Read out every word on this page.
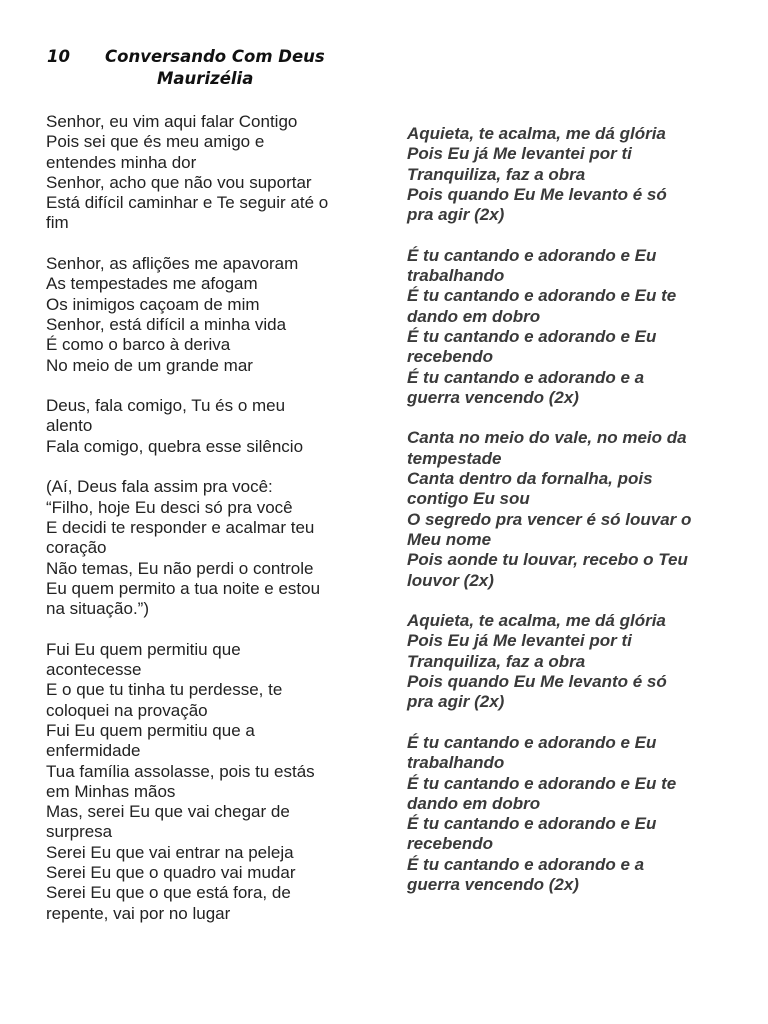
10 Conversando Com Deus
Maurizélia
Senhor, eu vim aqui falar Contigo
Pois sei que és meu amigo e
entendes minha dor
Senhor, acho que não vou suportar
Está difícil caminhar e Te seguir até o
fim
Senhor, as aflições me apavoram
As tempestades me afogam
Os inimigos caçoam de mim
Senhor, está difícil a minha vida
É como o barco à deriva
No meio de um grande mar
Deus, fala comigo, Tu és o meu
alento
Fala comigo, quebra esse silêncio
(Aí, Deus fala assim pra você:
“Filho, hoje Eu desci só pra você
E decidi te responder e acalmar teu
coração
Não temas, Eu não perdi o controle
Eu quem permito a tua noite e estou
na situação.”)
Fui Eu quem permitiu que
acontecesse
E o que tu tinha tu perdesse, te
coloquei na provação
Fui Eu quem permitiu que a
enfermidade
Tua família assolasse, pois tu estás
em Minhas mãos
Mas, serei Eu que vai chegar de
surpresa
Serei Eu que vai entrar na peleja
Serei Eu que o quadro vai mudar
Serei Eu que o que está fora, de
repente, vai por no lugar
Aquieta, te acalma, me dá glória
Pois Eu já Me levantei por ti
Tranquiliza, faz a obra
Pois quando Eu Me levanto é só
pra agir (2x)
É tu cantando e adorando e Eu
trabalhando
É tu cantando e adorando e Eu te
dando em dobro
É tu cantando e adorando e Eu
recebendo
É tu cantando e adorando e a
guerra vencendo (2x)
Canta no meio do vale, no meio da
tempestade
Canta dentro da fornalha, pois
contigo Eu sou
O segredo pra vencer é só louvar o
Meu nome
Pois aonde tu louvar, recebo o Teu
louvor (2x)
Aquieta, te acalma, me dá glória
Pois Eu já Me levantei por ti
Tranquiliza, faz a obra
Pois quando Eu Me levanto é só
pra agir (2x)
É tu cantando e adorando e Eu
trabalhando
É tu cantando e adorando e Eu te
dando em dobro
É tu cantando e adorando e Eu
recebendo
É tu cantando e adorando e a
guerra vencendo (2x)
